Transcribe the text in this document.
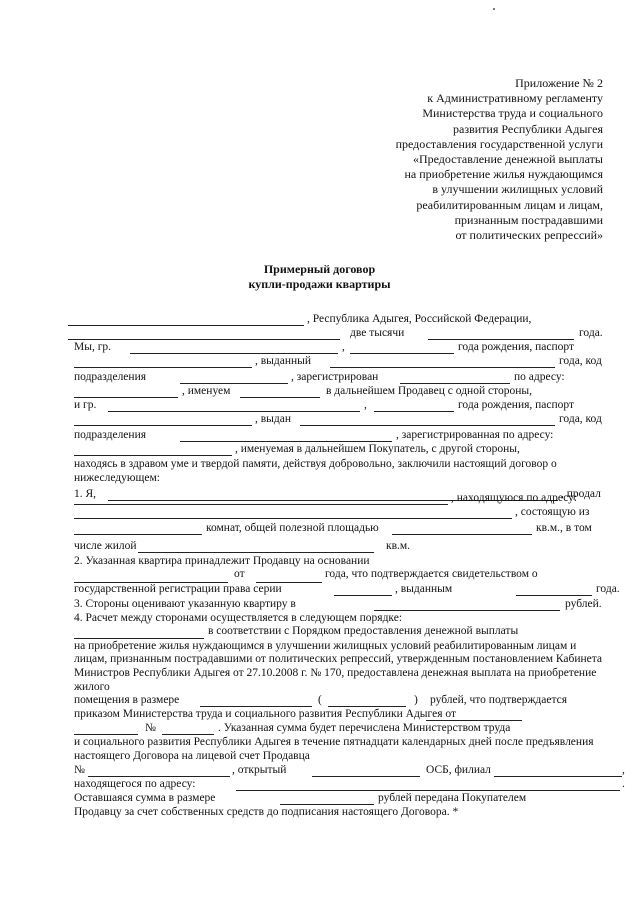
Приложение № 2
к Административному регламенту
Министерства труда и социального
развития Республики Адыгея
предоставления государственной услуги
«Предоставление денежной выплаты
на приобретение жилья нуждающимся
в улучшении жилищных условий
реабилитированным лицам и лицам,
признанным пострадавшими
от политических репрессий»
Примерный договор
купли-продажи квартиры
, Республика Адыгея, Российской Федерации,
две тысячи	года.
Мы, гр.	,	года рождения, паспорт
, выданный	года, код
подразделения	, зарегистрирован	по адресу:
, именуем	в дальнейшем Продавец с одной стороны,
и гр.	,	года рождения, паспорт
, выдан	года, код
подразделения	, зарегистрированная по адресу:
, именуемая в дальнейшем Покупатель, с другой стороны,
находясь в здравом уме и твердой памяти, действуя добровольно, заключили настоящий договор о
нижеследующем:
1. Я,	, продал
, находящуюся по адресу:
, состоящую из
комнат, общей полезной площадью	кв.м., в том
числе жилой	кв.м.
2. Указанная квартира принадлежит Продавцу на основании
от	года, что подтверждается свидетельством о
государственной регистрации права серии	, выданным	года.
3. Стороны оценивают указанную квартиру в	рублей.
4. Расчет между сторонами осуществляется в следующем порядке:
в соответствии с Порядком предоставления денежной выплаты
на приобретение жилья нуждающимся в улучшении жилищных условий реабилитированным лицам и
лицам, признанным пострадавшими от политических репрессий, утвержденным постановлением Кабинета
Министров Республики Адыгея от 27.10.2008 г. № 170, предоставлена денежная выплата на приобретение
жилого
помещения в размере	(	) рублей, что подтверждается
приказом Министерства труда и социального развития Республики Адыгея от
№	. Указанная сумма будет перечислена Министерством труда
и социального развития Республики Адыгея в течение пятнадцати календарных дней после предъявления
настоящего Договора на лицевой счет Продавца
№	, открытый	ОСБ, филиал	,
находящегося по адресу:	.
Оставшаяся сумма в размере	рублей передана Покупателем
Продавцу за счет собственных средств до подписания настоящего Договора. *
